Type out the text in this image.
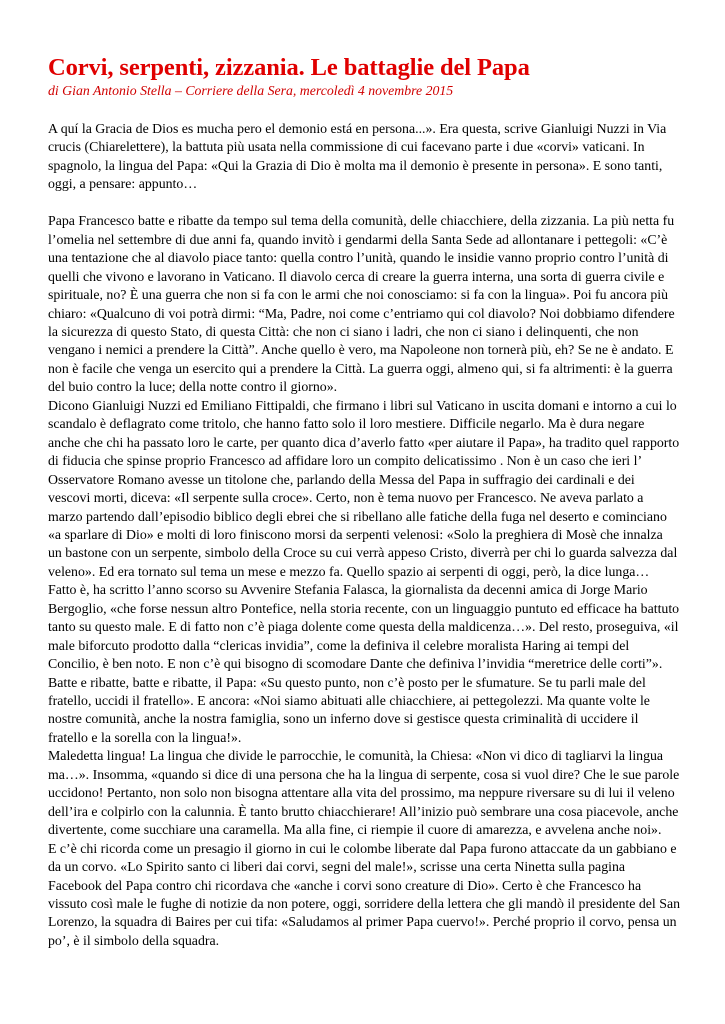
Corvi, serpenti, zizzania. Le battaglie del Papa

di Gian Antonio Stella – Corriere della Sera, mercoledì 4 novembre 2015

A quí la Gracia de Dios es mucha pero el demonio está en persona...». Era questa, scrive Gianluigi Nuzzi in Via crucis (Chiarelettere), la battuta più usata nella commissione di cui facevano parte i due «corvi» vaticani. In spagnolo, la lingua del Papa: «Qui la Grazia di Dio è molta ma il demonio è presente in persona». E sono tanti, oggi, a pensare: appunto…

Papa Francesco batte e ribatte da tempo sul tema della comunità, delle chiacchiere, della zizzania. La più netta fu l’omelia nel settembre di due anni fa, quando invitò i gendarmi della Santa Sede ad allontanare i pettegoli: «C’è una tentazione che al diavolo piace tanto: quella contro l’unità, quando le insidie vanno proprio contro l’unità di quelli che vivono e lavorano in Vaticano. Il diavolo cerca di creare la guerra interna, una sorta di guerra civile e spirituale, no? È una guerra che non si fa con le armi che noi conosciamo: si fa con la lingua». Poi fu ancora più chiaro: «Qualcuno di voi potrà dirmi: “Ma, Padre, noi come c’entriamo qui col diavolo? Noi dobbiamo difendere la sicurezza di questo Stato, di questa Città: che non ci siano i ladri, che non ci siano i delinquenti, che non vengano i nemici a prendere la Città”. Anche quello è vero, ma Napoleone non tornerà più, eh? Se ne è andato. E non è facile che venga un esercito qui a prendere la Città. La guerra oggi, almeno qui, si fa altrimenti: è la guerra del buio contro la luce; della notte contro il giorno».

Dicono Gianluigi Nuzzi ed Emiliano Fittipaldi, che firmano i libri sul Vaticano in uscita domani e intorno a cui lo scandalo è deflagrato come tritolo, che hanno fatto solo il loro mestiere. Difficile negarlo. Ma è dura negare anche che chi ha passato loro le carte, per quanto dica d’averlo fatto «per aiutare il Papa», ha tradito quel rapporto di fiducia che spinse proprio Francesco ad affidare loro un compito delicatissimo . Non è un caso che ieri l’ Osservatore Romano avesse un titolone che, parlando della Messa del Papa in suffragio dei cardinali e dei vescovi morti, diceva: «Il serpente sulla croce». Certo, non è tema nuovo per Francesco. Ne aveva parlato a marzo partendo dall’episodio biblico degli ebrei che si ribellano alle fatiche della fuga nel deserto e cominciano «a sparlare di Dio» e molti di loro finiscono morsi da serpenti velenosi: «Solo la preghiera di Mosè che innalza un bastone con un serpente, simbolo della Croce su cui verrà appeso Cristo, diverrà per chi lo guarda salvezza dal veleno». Ed era tornato sul tema un mese e mezzo fa. Quello spazio ai serpenti di oggi, però, la dice lunga…

Fatto è, ha scritto l’anno scorso su Avvenire Stefania Falasca, la giornalista da decenni amica di Jorge Mario Bergoglio, «che forse nessun altro Pontefice, nella storia recente, con un linguaggio puntuto ed efficace ha battuto tanto su questo male. E di fatto non c’è piaga dolente come questa della maldicenza…». Del resto, proseguiva, «il male biforcuto prodotto dalla “clericas invidia”, come la definiva il celebre moralista Haring ai tempi del Concilio, è ben noto. E non c’è qui bisogno di scomodare Dante che definiva l’invidia “meretrice delle corti”».

Batte e ribatte, batte e ribatte, il Papa: «Su questo punto, non c’è posto per le sfumature. Se tu parli male del fratello, uccidi il fratello». E ancora: «Noi siamo abituati alle chiacchiere, ai pettegolezzi. Ma quante volte le nostre comunità, anche la nostra famiglia, sono un inferno dove si gestisce questa criminalità di uccidere il fratello e la sorella con la lingua!».

Maledetta lingua! La lingua che divide le parrocchie, le comunità, la Chiesa: «Non vi dico di tagliarvi la lingua ma…». Insomma, «quando si dice di una persona che ha la lingua di serpente, cosa si vuol dire? Che le sue parole uccidono! Pertanto, non solo non bisogna attentare alla vita del prossimo, ma neppure riversare su di lui il veleno dell’ira e colpirlo con la calunnia. È tanto brutto chiacchierare! All’inizio può sembrare una cosa piacevole, anche divertente, come succhiare una caramella. Ma alla fine, ci riempie il cuore di amarezza, e avvelena anche noi».

E c’è chi ricorda come un presagio il giorno in cui le colombe liberate dal Papa furono attaccate da un gabbiano e da un corvo. «Lo Spirito santo ci liberi dai corvi, segni del male!», scrisse una certa Ninetta sulla pagina Facebook del Papa contro chi ricordava che «anche i corvi sono creature di Dio». Certo è che Francesco ha vissuto così male le fughe di notizie da non potere, oggi, sorridere della lettera che gli mandò il presidente del San Lorenzo, la squadra di Baires per cui tifa: «Saludamos al primer Papa cuervo!». Perché proprio il corvo, pensa un po’, è il simbolo della squadra.
